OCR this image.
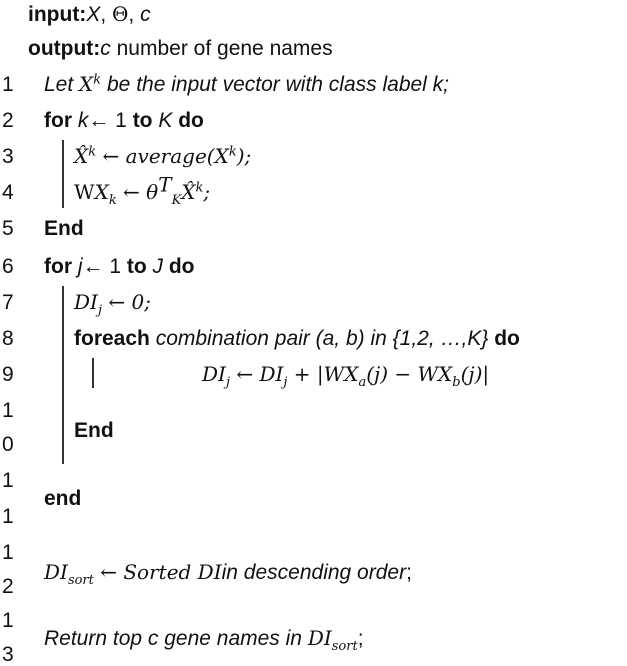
input:X, Θ, c
output:c number of gene names
1
2
3
4
5
6
7
8
9
1
0
1
1
1
2
1
3
Let $X^k$ be the input vector with class label k;
for k← 1 to K do
X̂$^k$ ← $average(X^k)$;
$WX_k$ ← $\theta^T_KX̂^k$;
End
for j← 1 to J do
$DI_j$ ← 0;
foreach combination pair (a, b) in {1,2, …,K} do
$DI_j$ ← $DI_j + |WX_a(j) - WX_b(j)|$
End
end
$DI_{sort}$ ← Sorted DIin descending order;
Return top c gene names in $DI_{sort}$;
